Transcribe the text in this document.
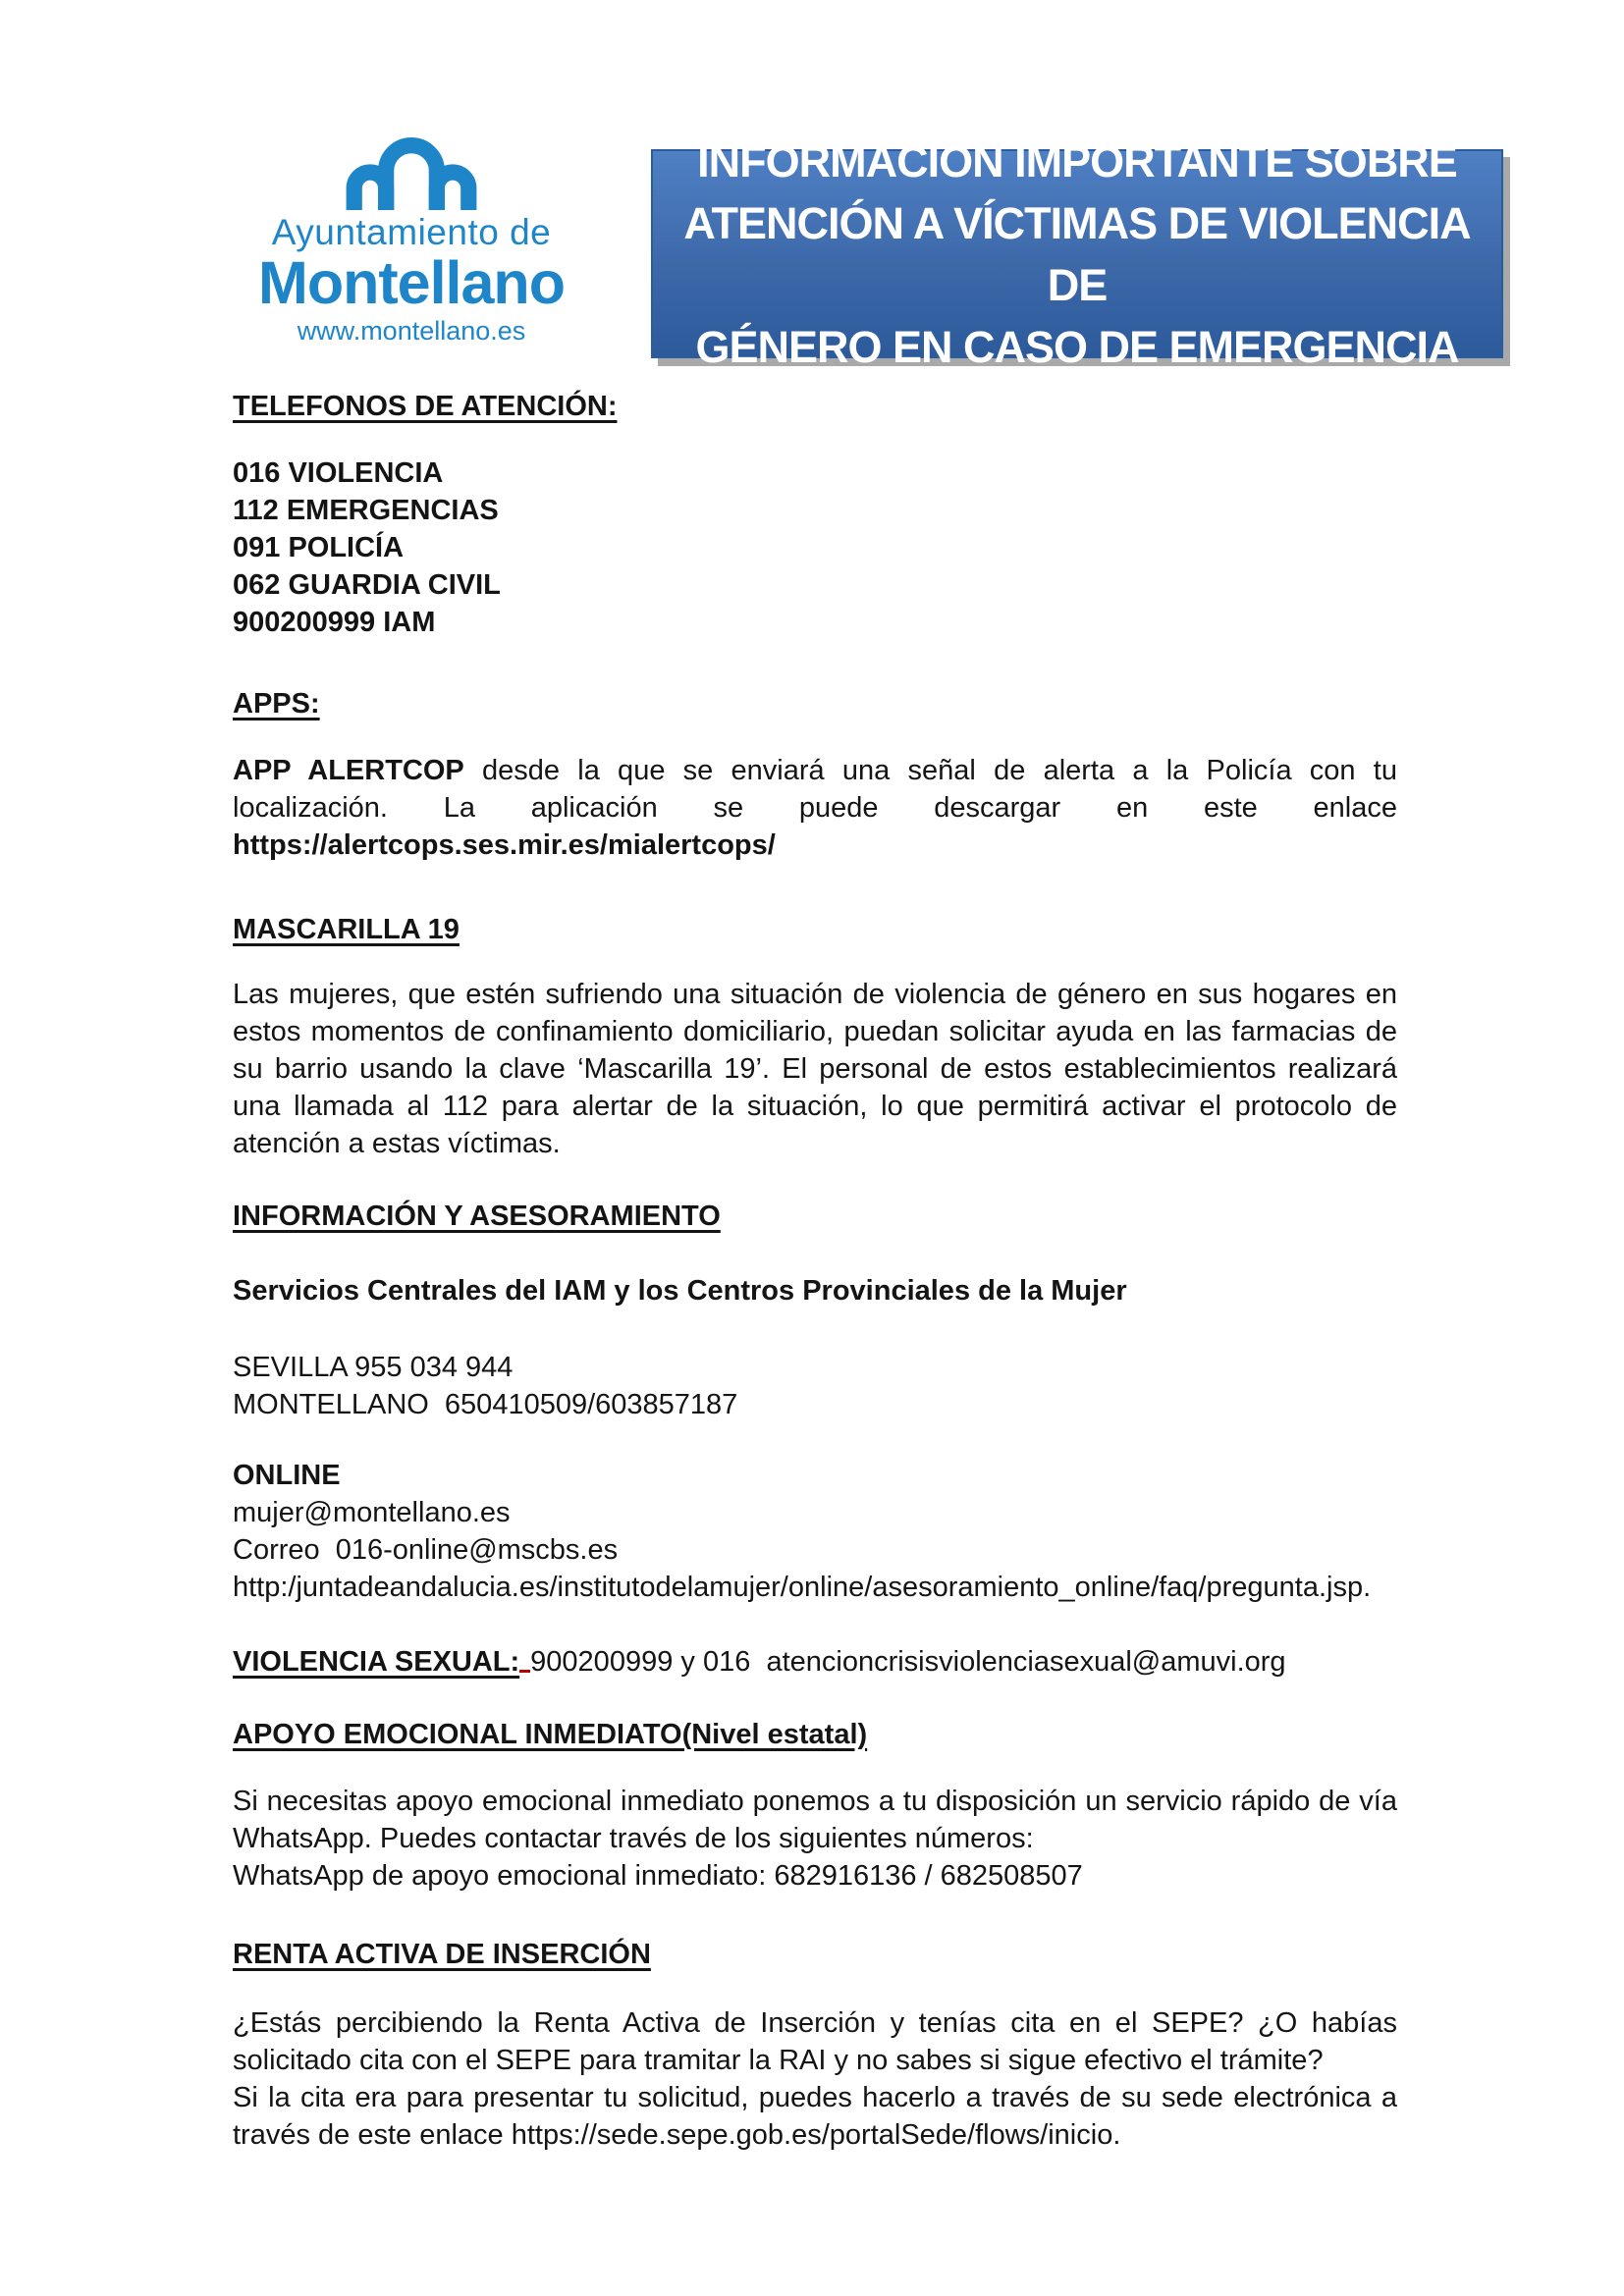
Ayuntamiento de
Montellano
www.montellano.es
INFORMACIÓN IMPORTANTE SOBRE
ATENCIÓN A VÍCTIMAS DE VIOLENCIA DE
GÉNERO EN CASO DE EMERGENCIA
TELEFONOS DE ATENCIÓN:
016 VIOLENCIA
112 EMERGENCIAS
091 POLICÍA
062 GUARDIA CIVIL
900200999 IAM
APPS:

APP ALERTCOP desde la que se enviará una señal de alerta a la Policía con tu localización. La aplicación se puede descargar en este enlace https://alertcops.ses.mir.es/mialertcops/

MASCARILLA 19

Las mujeres, que estén sufriendo una situación de violencia de género en sus hogares en estos momentos de confinamiento domiciliario, puedan solicitar ayuda en las farmacias de su barrio usando la clave ‘Mascarilla 19’. El personal de estos establecimientos realizará una llamada al 112 para alertar de la situación, lo que permitirá activar el protocolo de atención a estas víctimas.

INFORMACIÓN Y ASESORAMIENTO
Servicios Centrales del IAM y los Centros Provinciales de la Mujer
SEVILLA 955 034 944
MONTELLANO  650410509/603857187
ONLINE
mujer@montellano.es
Correo  016-online@mscbs.es
http:/juntadeandalucia.es/institutodelamujer/online/asesoramiento_online/faq/pregunta.jsp.
VIOLENCIA SEXUAL: 900200999 y 016  atencioncrisisviolenciasexual@amuvi.org
APOYO EMOCIONAL INMEDIATO(Nivel estatal)

Si necesitas apoyo emocional inmediato ponemos a tu disposición un servicio rápido de vía WhatsApp. Puedes contactar través de los siguientes números:

WhatsApp de apoyo emocional inmediato: 682916136 / 682508507

RENTA ACTIVA DE INSERCIÓN

¿Estás percibiendo la Renta Activa de Inserción y tenías cita en el SEPE? ¿O habías solicitado cita con el SEPE para tramitar la RAI y no sabes si sigue efectivo el trámite?

Si la cita era para presentar tu solicitud, puedes hacerlo a través de su sede electrónica a través de este enlace https://sede.sepe.gob.es/portalSede/flows/inicio.
